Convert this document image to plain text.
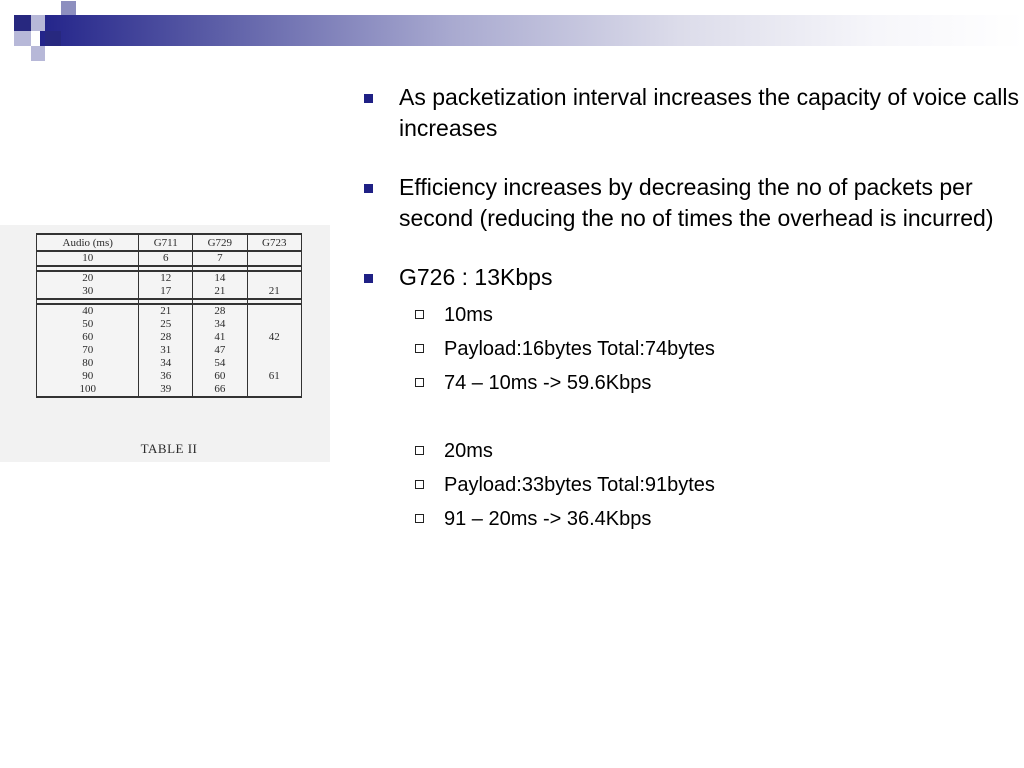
Audio (ms)	G711	G729	G723
10	6	7	

20	12	14	
30	17	21	21

40	21	28	
50	25	34	
60	28	41	42
70	31	47	
80	34	54	
90	36	60	61
100	39	66	
TABLE II
As packetization interval increases the capacity of voice calls increases
Efficiency increases by decreasing the no of packets per second (reducing the no of times the overhead is incurred)
G726 : 13Kbps
10ms
Payload:16bytes Total:74bytes
74 – 10ms -> 59.6Kbps
20ms
Payload:33bytes Total:91bytes
91 – 20ms -> 36.4Kbps
